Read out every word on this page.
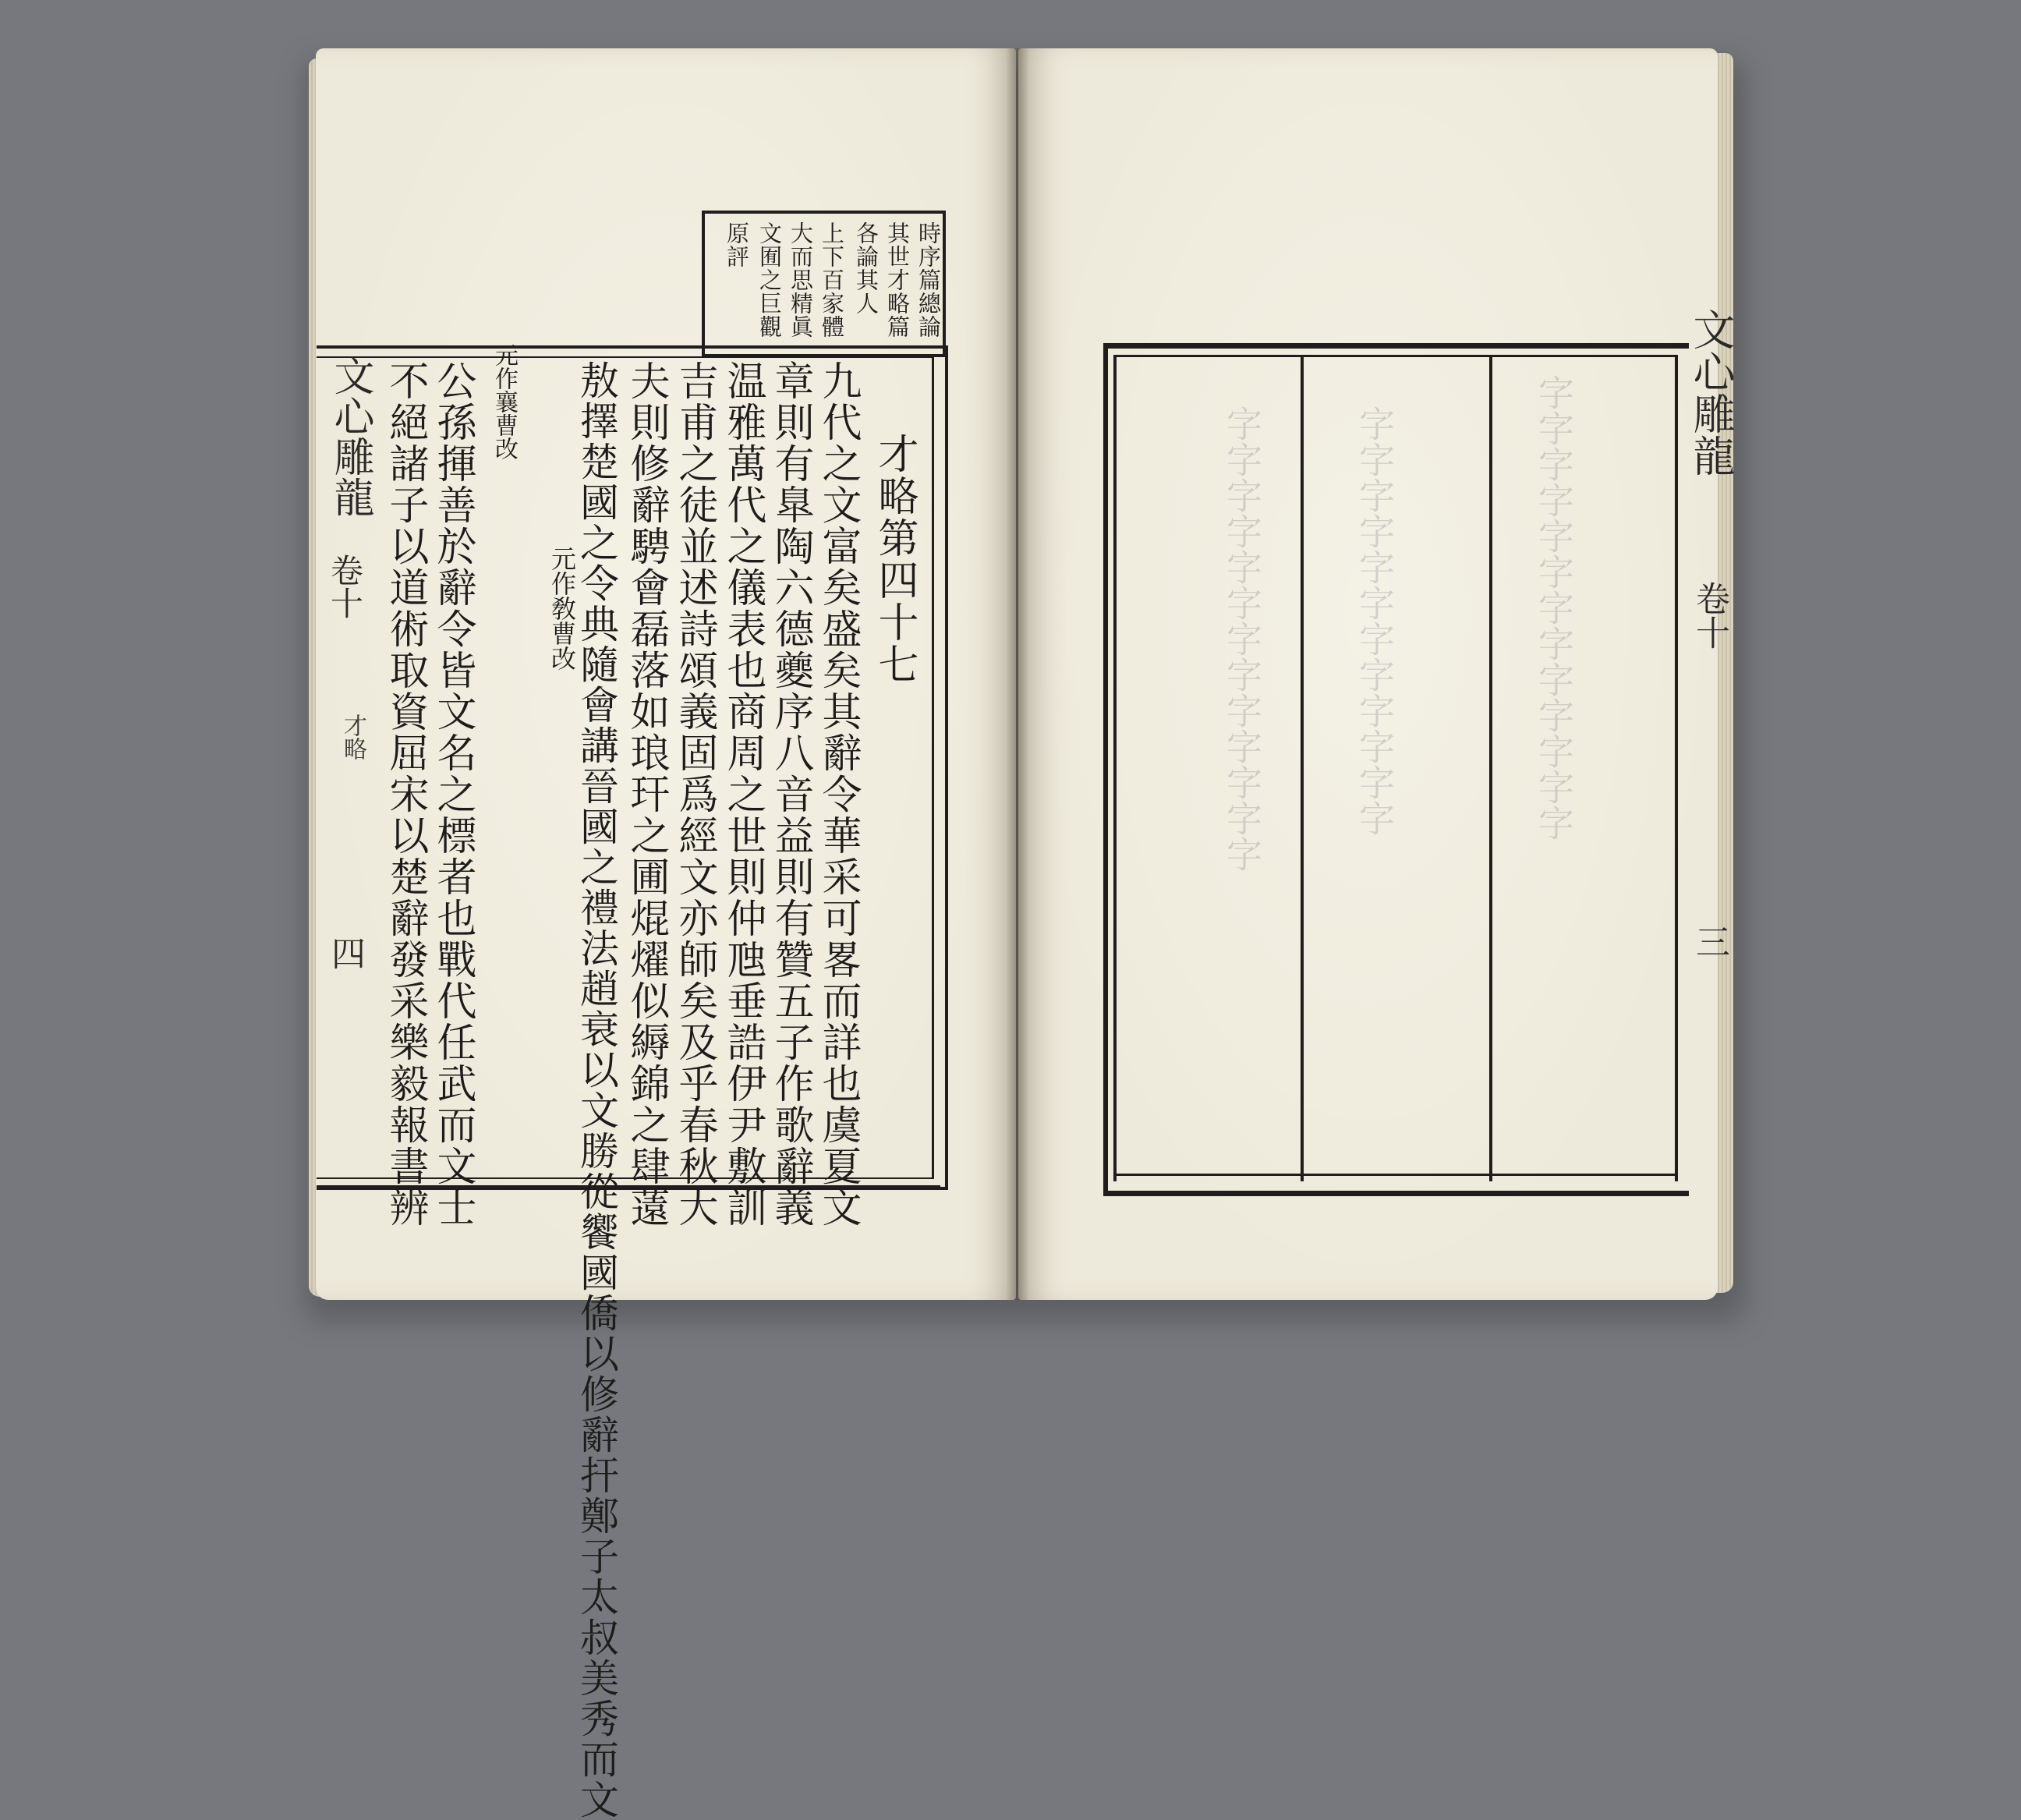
時序篇總論
其世才略篇
各論其人
上下百家體
大而思精眞
文囿之巨觀
原評
文心雕龍
卷十
才略
四
才略第四十七
九代之文富矣盛矣其辭令華采可畧而詳也虞夏文
章則有臯陶六德夔序八音益則有贊五子作歌辭義
温雅萬代之儀表也商周之世則仲虺垂誥伊尹敷訓
吉甫之徒並述詩頌義固爲經文亦師矣及乎春秋大
夫則修辭騁會磊落如琅玕之圃焜燿似縟錦之肆薳
敖擇楚國之令典隨會講晉國之禮法趙衰以文勝從饗國僑以修辭扞鄭子太叔美秀而文
元作敎曹改
元作襄曹改
公孫揮善於辭令皆文名之標者也戰代任武而文士
不絕諸子以道術取資屈宋以楚辭發采樂毅報書辨	字字字字字字字字字字字字字	字字字字字字字字字字字字	字字字字字字字字字字字字字	文心雕龍
卷十
三
